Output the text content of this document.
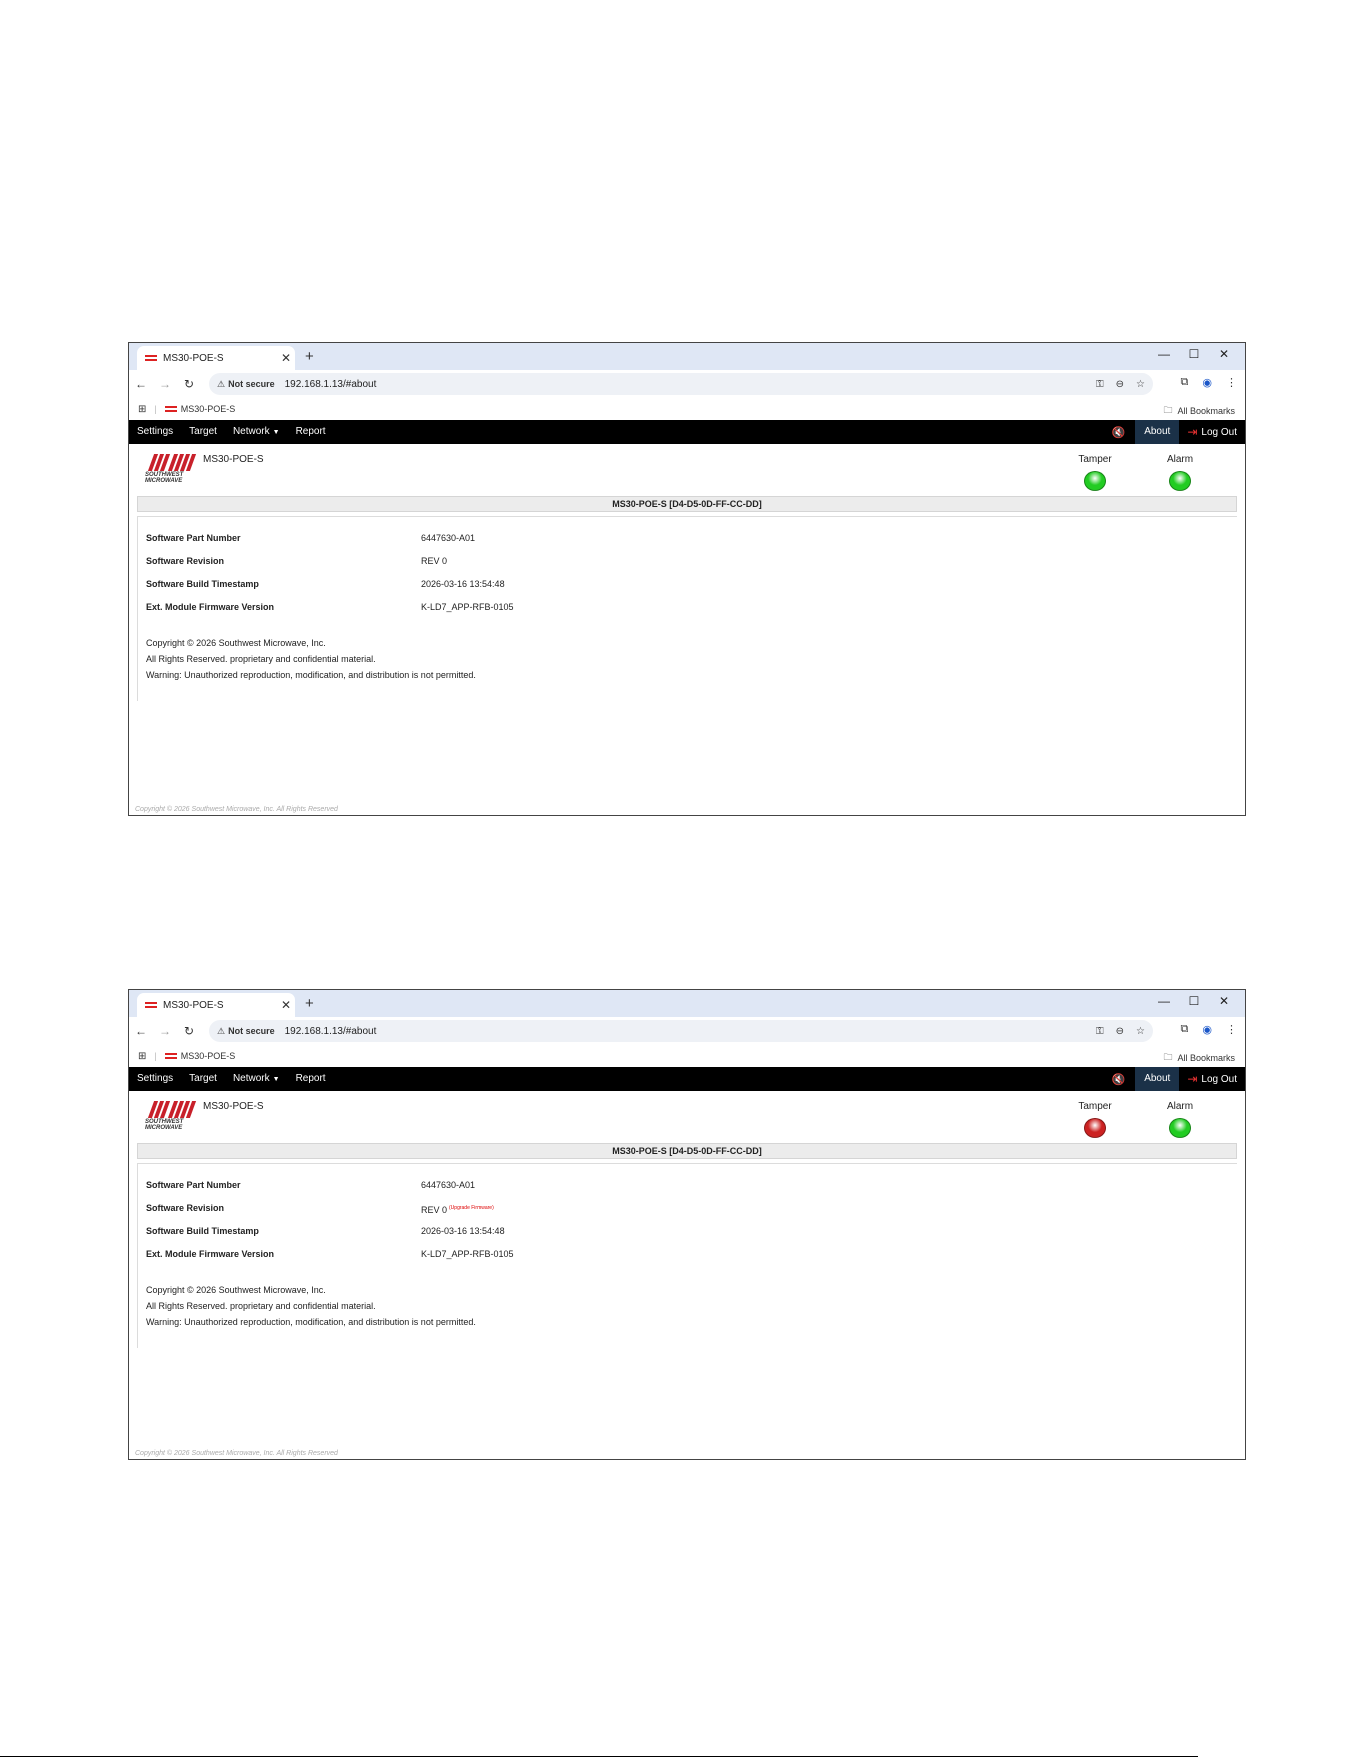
MS30-POE-S	✕ +	—	☐	✕
←	→	↻	⚠ Not secure 192.168.1.13/#about	⚿ ⊖ ☆	⧉ ◉ ⋮
⊞ |	MS30-POE-S	🗀 All Bookmarks
Settings	Target	Network ▼	Report	🔇	About	⇥ Log Out
SOUTHWEST
MICROWAVE
MS30-POE-S	Tamper	Alarm
MS30-POE-S [D4-D5-0D-FF-CC-DD]
Software Part Number	6447630-A01
Software Revision	REV 0
Software Build Timestamp	2026-03-16 13:54:48
Ext. Module Firmware Version	K-LD7_APP-RFB-0105
Copyright © 2026 Southwest Microwave, Inc.
All Rights Reserved. proprietary and confidential material.
Warning: Unauthorized reproduction, modification, and distribution is not permitted.
Copyright © 2026 Southwest Microwave, Inc. All Rights Reserved
MS30-POE-S	✕ +	—	☐	✕
←	→	↻	⚠ Not secure 192.168.1.13/#about	⚿ ⊖ ☆	⧉ ◉ ⋮
⊞ |	MS30-POE-S	🗀 All Bookmarks
Settings	Target	Network ▼	Report	🔇	About	⇥ Log Out
SOUTHWEST
MICROWAVE
MS30-POE-S	Tamper	Alarm
MS30-POE-S [D4-D5-0D-FF-CC-DD]
Software Part Number	6447630-A01
Software Revision	REV 0 $^{(Upgrade Firmware)}$
Software Build Timestamp	2026-03-16 13:54:48
Ext. Module Firmware Version	K-LD7_APP-RFB-0105
Copyright © 2026 Southwest Microwave, Inc.
All Rights Reserved. proprietary and confidential material.
Warning: Unauthorized reproduction, modification, and distribution is not permitted.
Copyright © 2026 Southwest Microwave, Inc. All Rights Reserved
